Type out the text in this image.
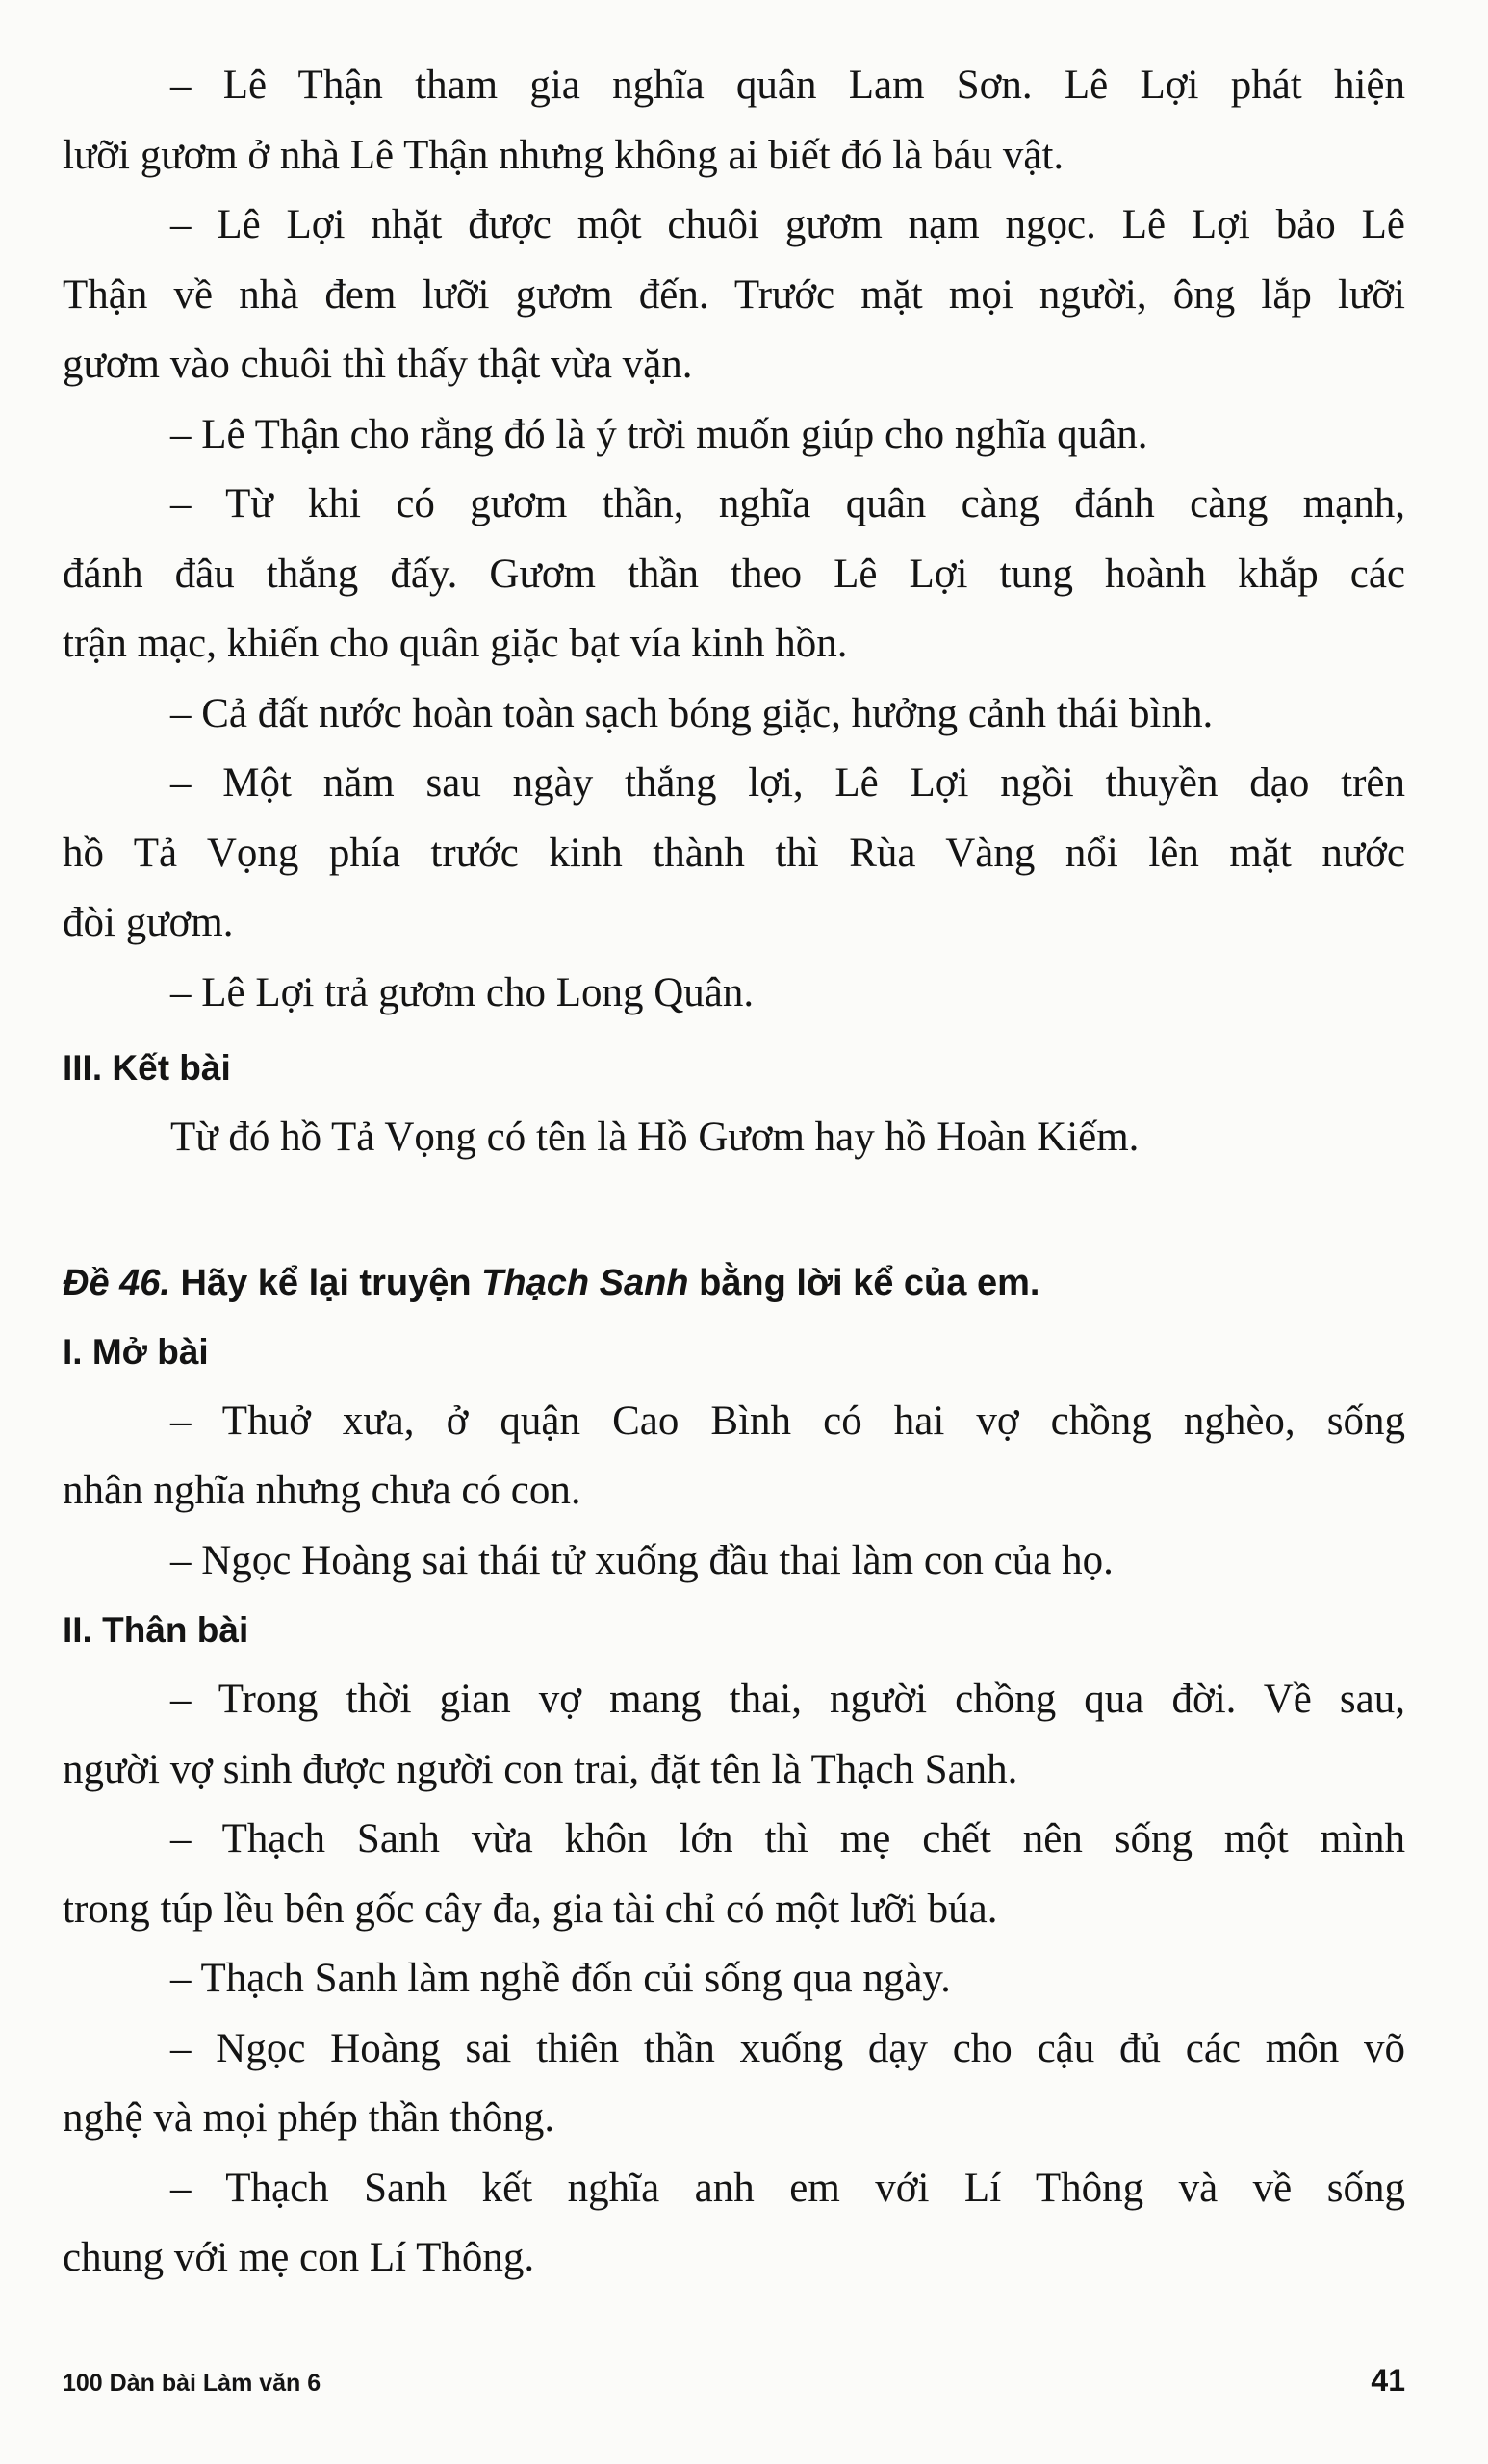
– Lê Thận tham gia nghĩa quân Lam Sơn. Lê Lợi phát hiện
lưỡi gươm ở nhà Lê Thận nhưng không ai biết đó là báu vật.
– Lê Lợi nhặt được một chuôi gươm nạm ngọc. Lê Lợi bảo Lê
Thận về nhà đem lưỡi gươm đến. Trước mặt mọi người, ông lắp lưỡi
gươm vào chuôi thì thấy thật vừa vặn.
– Lê Thận cho rằng đó là ý trời muốn giúp cho nghĩa quân.
– Từ khi có gươm thần, nghĩa quân càng đánh càng mạnh,
đánh đâu thắng đấy. Gươm thần theo Lê Lợi tung hoành khắp các
trận mạc, khiến cho quân giặc bạt vía kinh hồn.
– Cả đất nước hoàn toàn sạch bóng giặc, hưởng cảnh thái bình.
– Một năm sau ngày thắng lợi, Lê Lợi ngồi thuyền dạo trên
hồ Tả Vọng phía trước kinh thành thì Rùa Vàng nổi lên mặt nước
đòi gươm.
– Lê Lợi trả gươm cho Long Quân.
III. Kết bài
Từ đó hồ Tả Vọng có tên là Hồ Gươm hay hồ Hoàn Kiếm.
Đề 46. Hãy kể lại truyện Thạch Sanh bằng lời kể của em.
I. Mở bài
– Thuở xưa, ở quận Cao Bình có hai vợ chồng nghèo, sống
nhân nghĩa nhưng chưa có con.
– Ngọc Hoàng sai thái tử xuống đầu thai làm con của họ.
II. Thân bài
– Trong thời gian vợ mang thai, người chồng qua đời. Về sau,
người vợ sinh được người con trai, đặt tên là Thạch Sanh.
– Thạch Sanh vừa khôn lớn thì mẹ chết nên sống một mình
trong túp lều bên gốc cây đa, gia tài chỉ có một lưỡi búa.
– Thạch Sanh làm nghề đốn củi sống qua ngày.
– Ngọc Hoàng sai thiên thần xuống dạy cho cậu đủ các môn võ
nghệ và mọi phép thần thông.
– Thạch Sanh kết nghĩa anh em với Lí Thông và về sống
chung với mẹ con Lí Thông.
100 Dàn bài Làm văn 6	41
